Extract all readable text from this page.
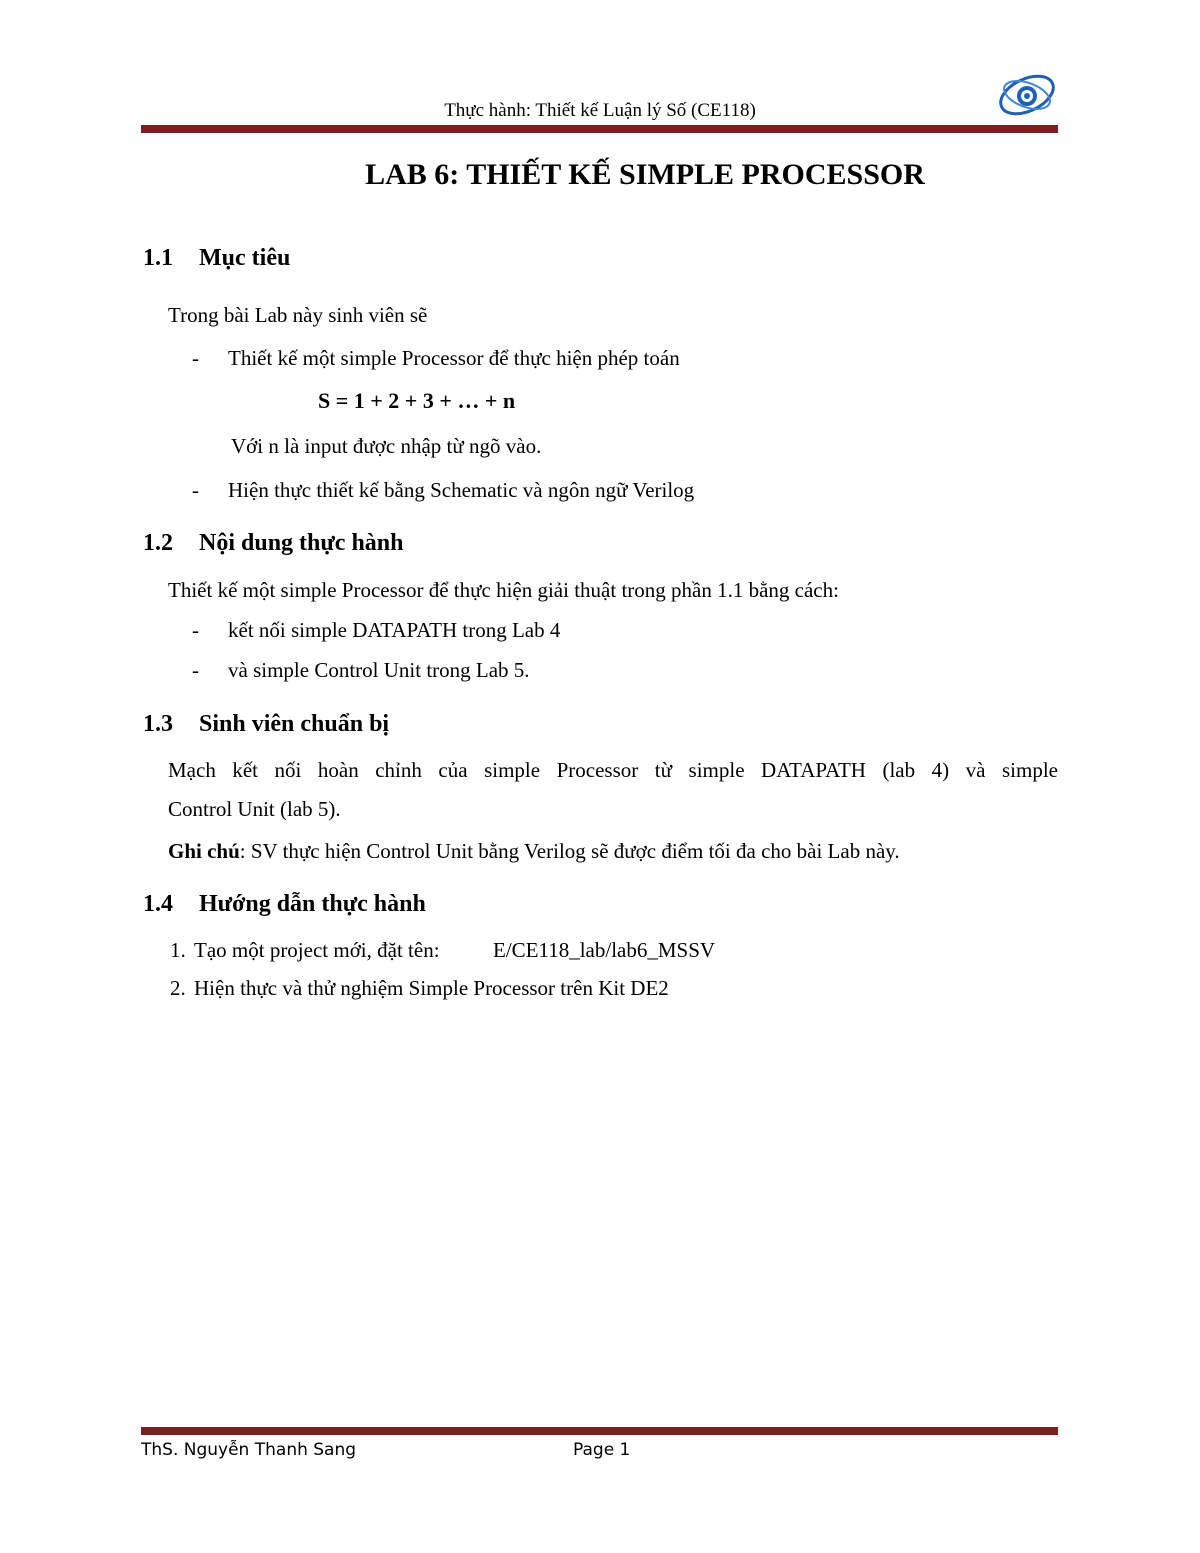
Thực hành: Thiết kế Luận lý Số (CE118)
LAB 6: THIẾT KẾ SIMPLE PROCESSOR
1.1 Mục tiêu
Trong bài Lab này sinh viên sẽ
- Thiết kế một simple Processor để thực hiện phép toán
S = 1 + 2 + 3 + … + n
Với n là input được nhập từ ngõ vào.
- Hiện thực thiết kế bằng Schematic và ngôn ngữ Verilog
1.2 Nội dung thực hành
Thiết kế một simple Processor để thực hiện giải thuật trong phần 1.1 bằng cách:
- kết nối simple DATAPATH trong Lab 4
- và simple Control Unit trong Lab 5.
1.3 Sinh viên chuẩn bị
Mạch kết nối hoàn chỉnh của simple Processor từ simple DATAPATH (lab 4) và simple
Control Unit (lab 5).
Ghi chú: SV thực hiện Control Unit bằng Verilog sẽ được điểm tối đa cho bài Lab này.
1.4 Hướng dẫn thực hành
1. Tạo một project mới, đặt tên:	E/CE118_lab/lab6_MSSV
2. Hiện thực và thử nghiệm Simple Processor trên Kit DE2
ThS. Nguyễn Thanh Sang	Page 1
